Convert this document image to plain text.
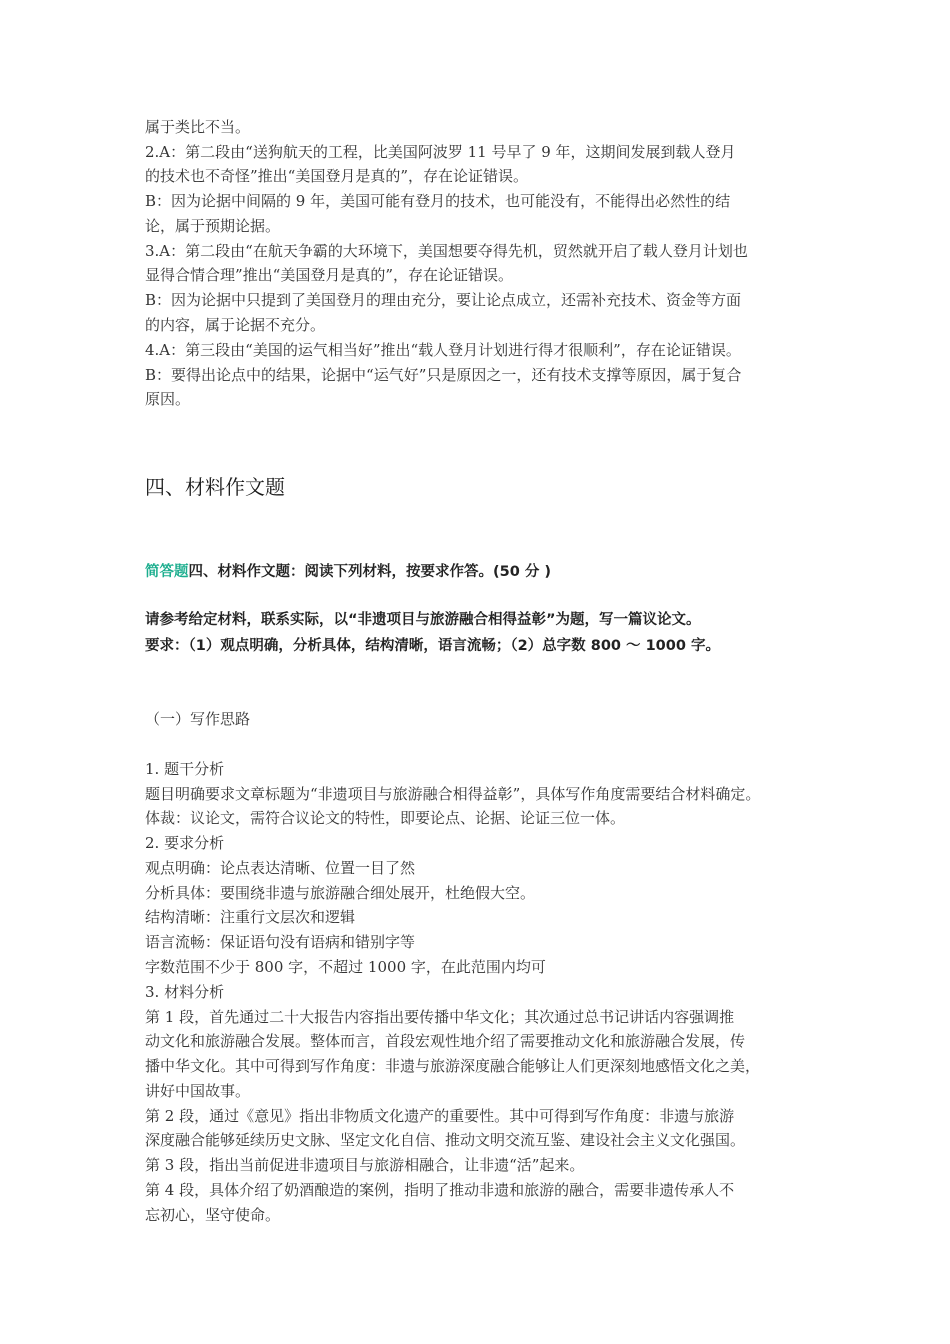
属于类比不当。

2.A：第二段由“送狗航天的工程，比美国阿波罗 11 号早了 9 年，这期间发展到载人登月

的技术也不奇怪”推出“美国登月是真的”，存在论证错误。

B：因为论据中间隔的 9 年，美国可能有登月的技术，也可能没有，不能得出必然性的结

论，属于预期论据。

3.A：第二段由“在航天争霸的大环境下，美国想要夺得先机，贸然就开启了载人登月计划也

显得合情合理”推出“美国登月是真的”，存在论证错误。

B：因为论据中只提到了美国登月的理由充分，要让论点成立，还需补充技术、资金等方面

的内容，属于论据不充分。

4.A：第三段由“美国的运气相当好”推出“载人登月计划进行得才很顺利”，存在论证错误。

B：要得出论点中的结果，论据中“运气好”只是原因之一，还有技术支撑等原因，属于复合

原因。

四、材料作文题

简答题四、材料作文题：阅读下列材料，按要求作答。(50 分 )

请参考给定材料，联系实际，以“非遗项目与旅游融合相得益彰”为题，写一篇议论文。

要求：（1）观点明确，分析具体，结构清晰，语言流畅；（2）总字数 800 ～ 1000 字。

（一）写作思路

1. 题干分析

题目明确要求文章标题为“非遗项目与旅游融合相得益彰”，具体写作角度需要结合材料确定。

体裁：议论文，需符合议论文的特性，即要论点、论据、论证三位一体。

2. 要求分析

观点明确：论点表达清晰、位置一目了然

分析具体：要围绕非遗与旅游融合细处展开，杜绝假大空。

结构清晰：注重行文层次和逻辑

语言流畅：保证语句没有语病和错别字等

字数范围不少于 800 字，不超过 1000 字，在此范围内均可

3. 材料分析

第 1 段，首先通过二十大报告内容指出要传播中华文化；其次通过总书记讲话内容强调推

动文化和旅游融合发展。整体而言，首段宏观性地介绍了需要推动文化和旅游融合发展，传

播中华文化。其中可得到写作角度：非遗与旅游深度融合能够让人们更深刻地感悟文化之美，

讲好中国故事。

第 2 段，通过《意见》指出非物质文化遗产的重要性。其中可得到写作角度：非遗与旅游

深度融合能够延续历史文脉、坚定文化自信、推动文明交流互鉴、建设社会主义文化强国。

第 3 段，指出当前促进非遗项目与旅游相融合，让非遗“活”起来。

第 4 段，具体介绍了奶酒酿造的案例，指明了推动非遗和旅游的融合，需要非遗传承人不

忘初心，坚守使命。
